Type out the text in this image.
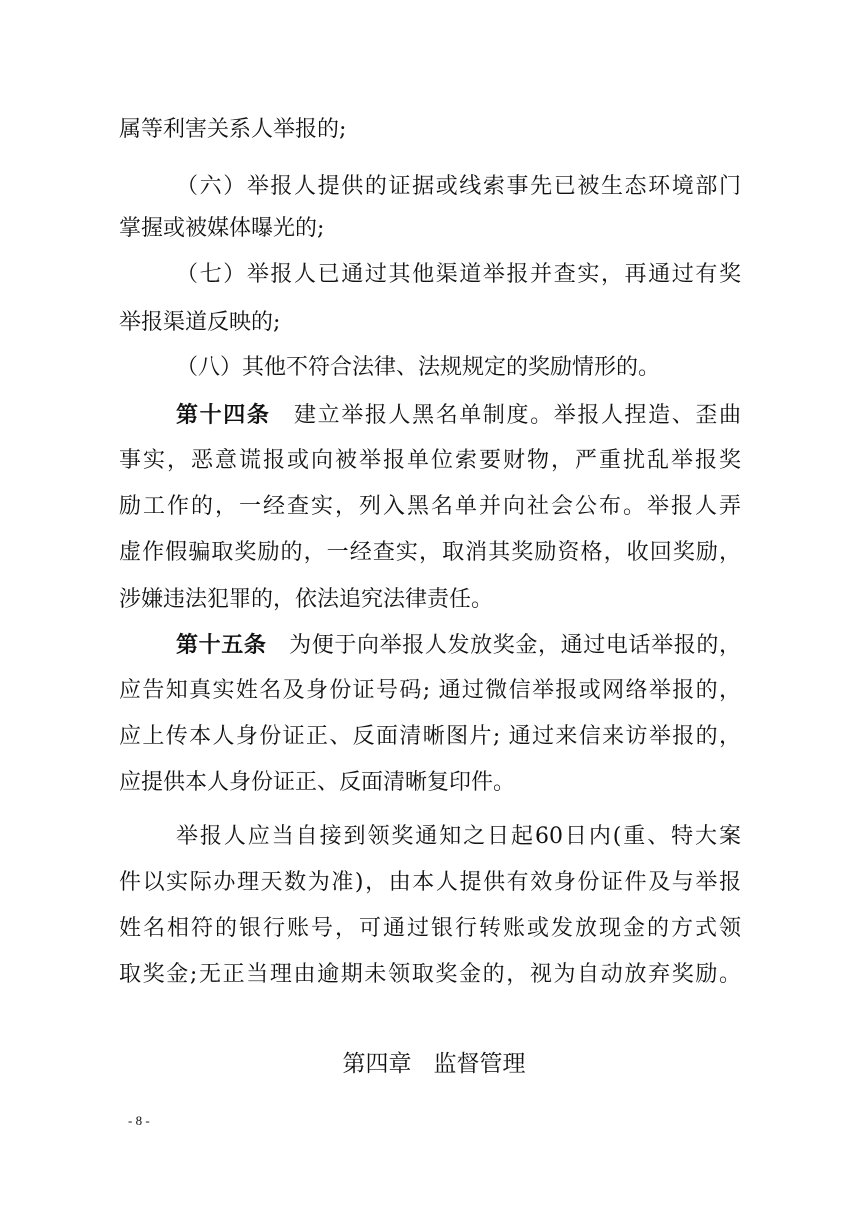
属等利害关系人举报的;
（六）举报人提供的证据或线索事先已被生态环境部门
掌握或被媒体曝光的;
（七）举报人已通过其他渠道举报并查实，再通过有奖
举报渠道反映的;
（八）其他不符合法律、法规规定的奖励情形的。
第十四条 建立举报人黑名单制度。举报人捏造、歪曲
事实，恶意谎报或向被举报单位索要财物，严重扰乱举报奖
励工作的，一经查实，列入黑名单并向社会公布。举报人弄
虚作假骗取奖励的，一经查实，取消其奖励资格，收回奖励，
涉嫌违法犯罪的，依法追究法律责任。
第十五条 为便于向举报人发放奖金，通过电话举报的，
应告知真实姓名及身份证号码; 通过微信举报或网络举报的，
应上传本人身份证正、反面清晰图片; 通过来信来访举报的，
应提供本人身份证正、反面清晰复印件。
举报人应当自接到领奖通知之日起60日内(重、特大案
件以实际办理天数为准)，由本人提供有效身份证件及与举报
姓名相符的银行账号，可通过银行转账或发放现金的方式领
取奖金;无正当理由逾期未领取奖金的，视为自动放弃奖励。
第四章 监督管理
- 8 -
